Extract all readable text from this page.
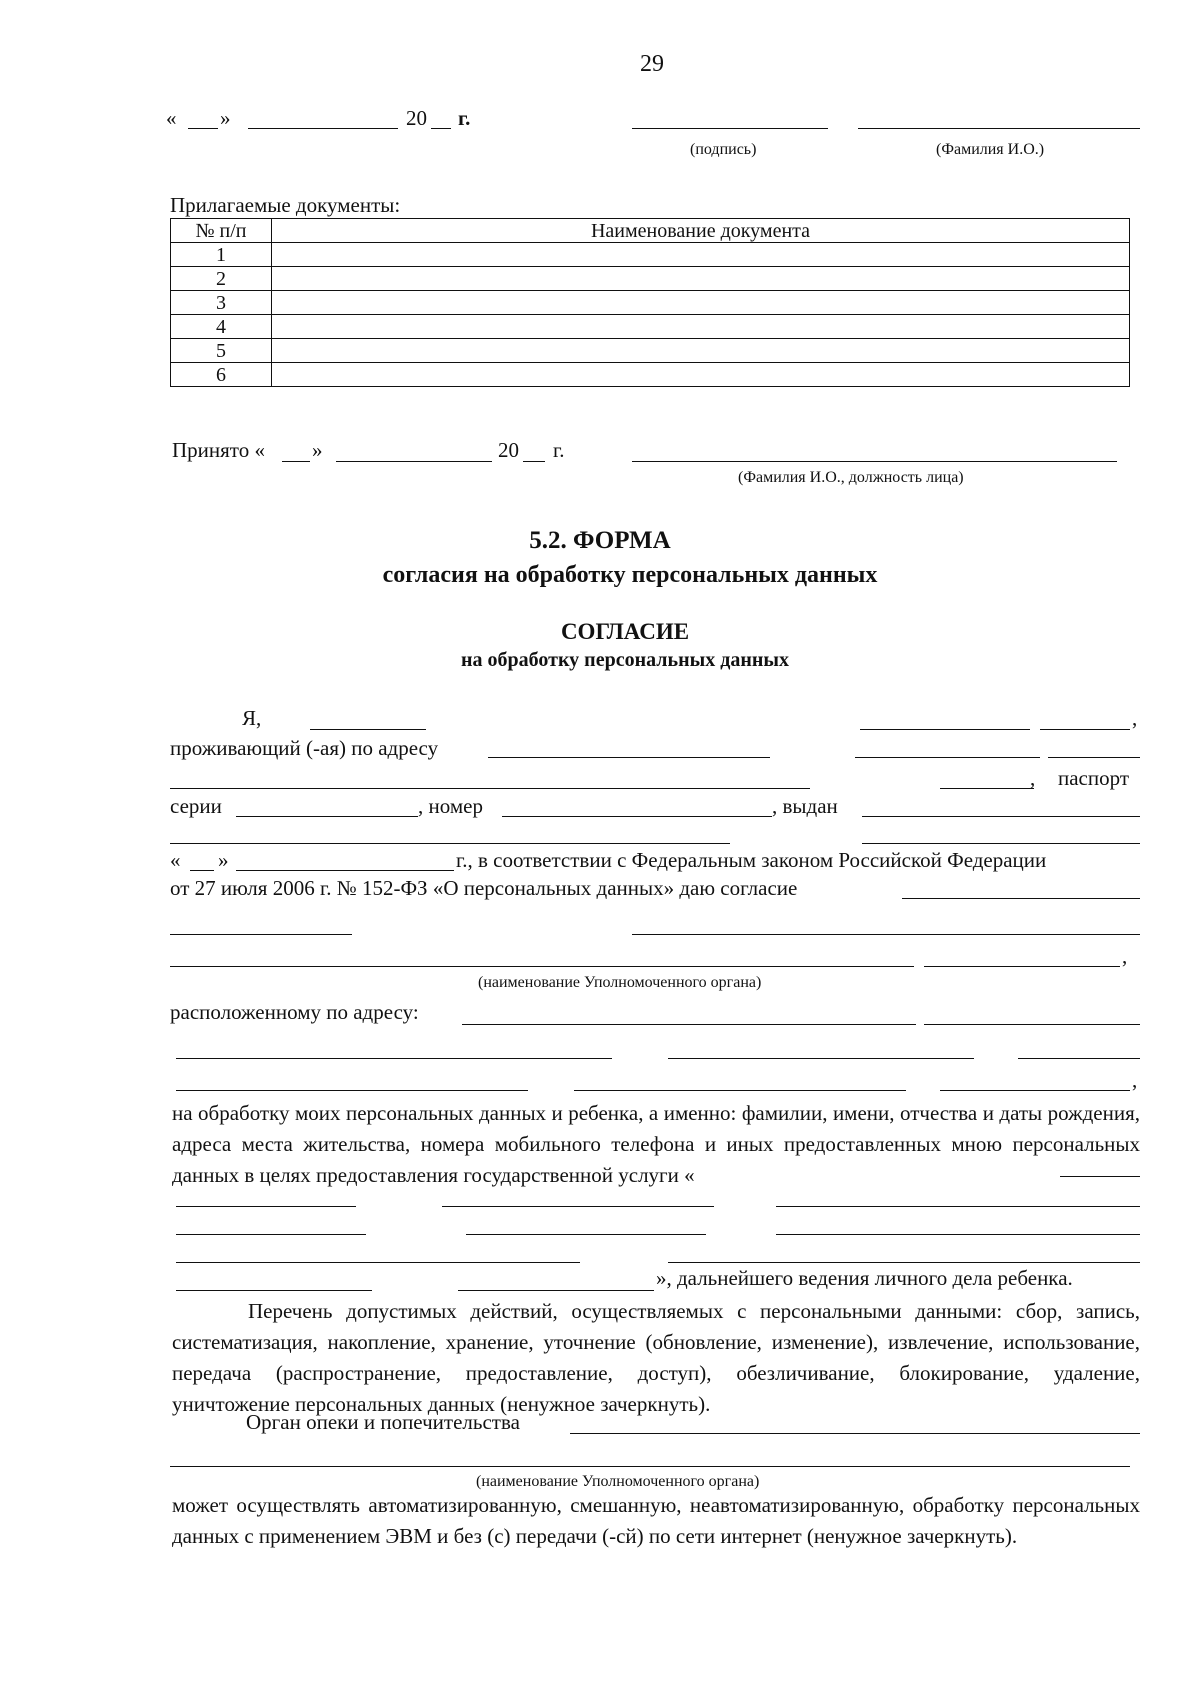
29
« »	20 г.
(подпись)	(Фамилия И.О.)
Прилагаемые документы:
№ п/п	Наименование документа
1	
2	
3	
4	
5	
6	
Принято « »	20 г.
(Фамилия И.О., должность лица)
5.2. ФОРМА
согласия на обработку персональных данных
СОГЛАСИЕ
на обработку персональных данных
Я,	,
проживающий (-ая) по адресу
, паспорт
серии	, номер	, выдан
« »	г., в соответствии с Федеральным законом Российской Федерации
от 27 июля 2006 г. № 152-ФЗ «О персональных данных» даю согласие
,
(наименование Уполномоченного органа)
расположенному по адресу:
,
на обработку моих персональных данных и ребенка, а именно: фамилии, имени, отчества и даты рождения, адреса места жительства, номера мобильного телефона и иных предоставленных мною персональных данных в целях предоставления государственной услуги «
», дальнейшего ведения личного дела ребенка.
Перечень допустимых действий, осуществляемых с персональными данными: сбор, запись, систематизация, накопление, хранение, уточнение (обновление, изменение), извлечение, использование, передача (распространение, предоставление, доступ), обезличивание, блокирование, удаление, уничтожение персональных данных (ненужное зачеркнуть).
Орган опеки и попечительства
(наименование Уполномоченного органа)
может осуществлять автоматизированную, смешанную, неавтоматизированную, обработку персональных данных с применением ЭВМ и без (с) передачи (-сй) по сети интернет (ненужное зачеркнуть).
